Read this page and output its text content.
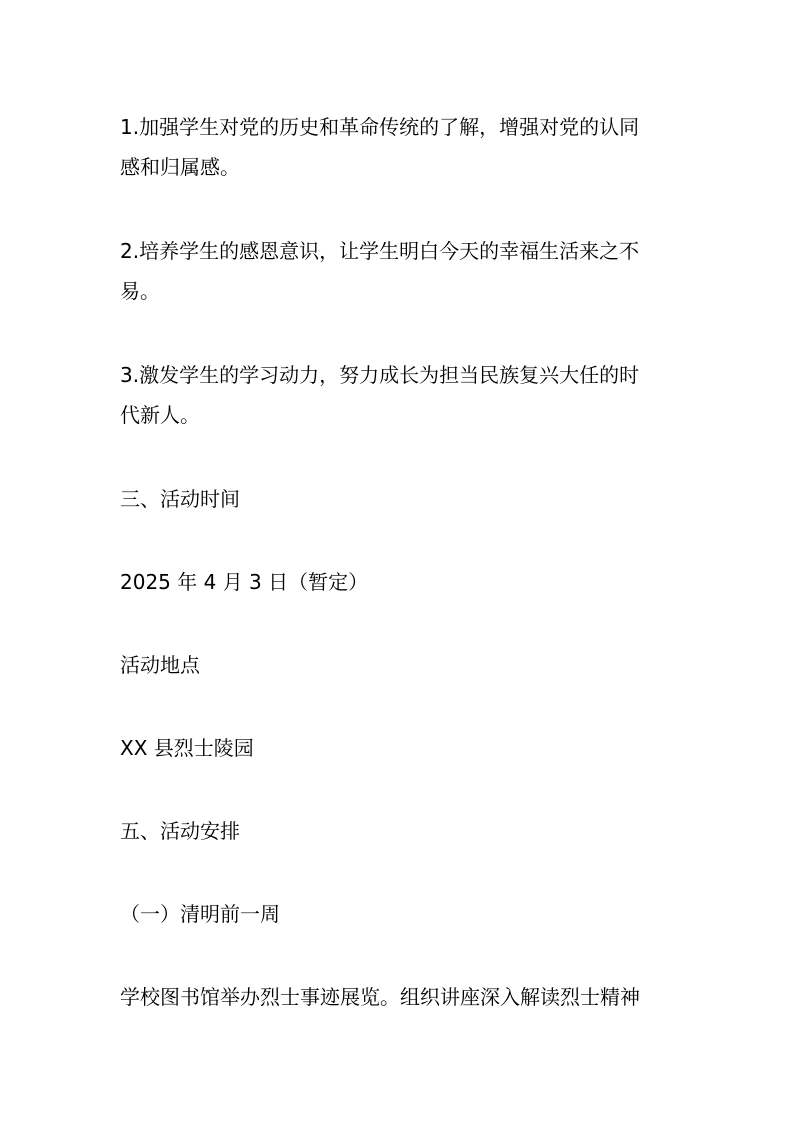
1.加强学生对党的历史和革命传统的了解，增强对党的认同
感和归属感。
2.培养学生的感恩意识，让学生明白今天的幸福生活来之不
易。
3.激发学生的学习动力，努力成长为担当民族复兴大任的时
代新人。
三、活动时间
2025 年 4 月 3 日（暂定）
活动地点
XX 县烈士陵园
五、活动安排
（一）清明前一周
学校图书馆举办烈士事迹展览。组织讲座深入解读烈士精神
